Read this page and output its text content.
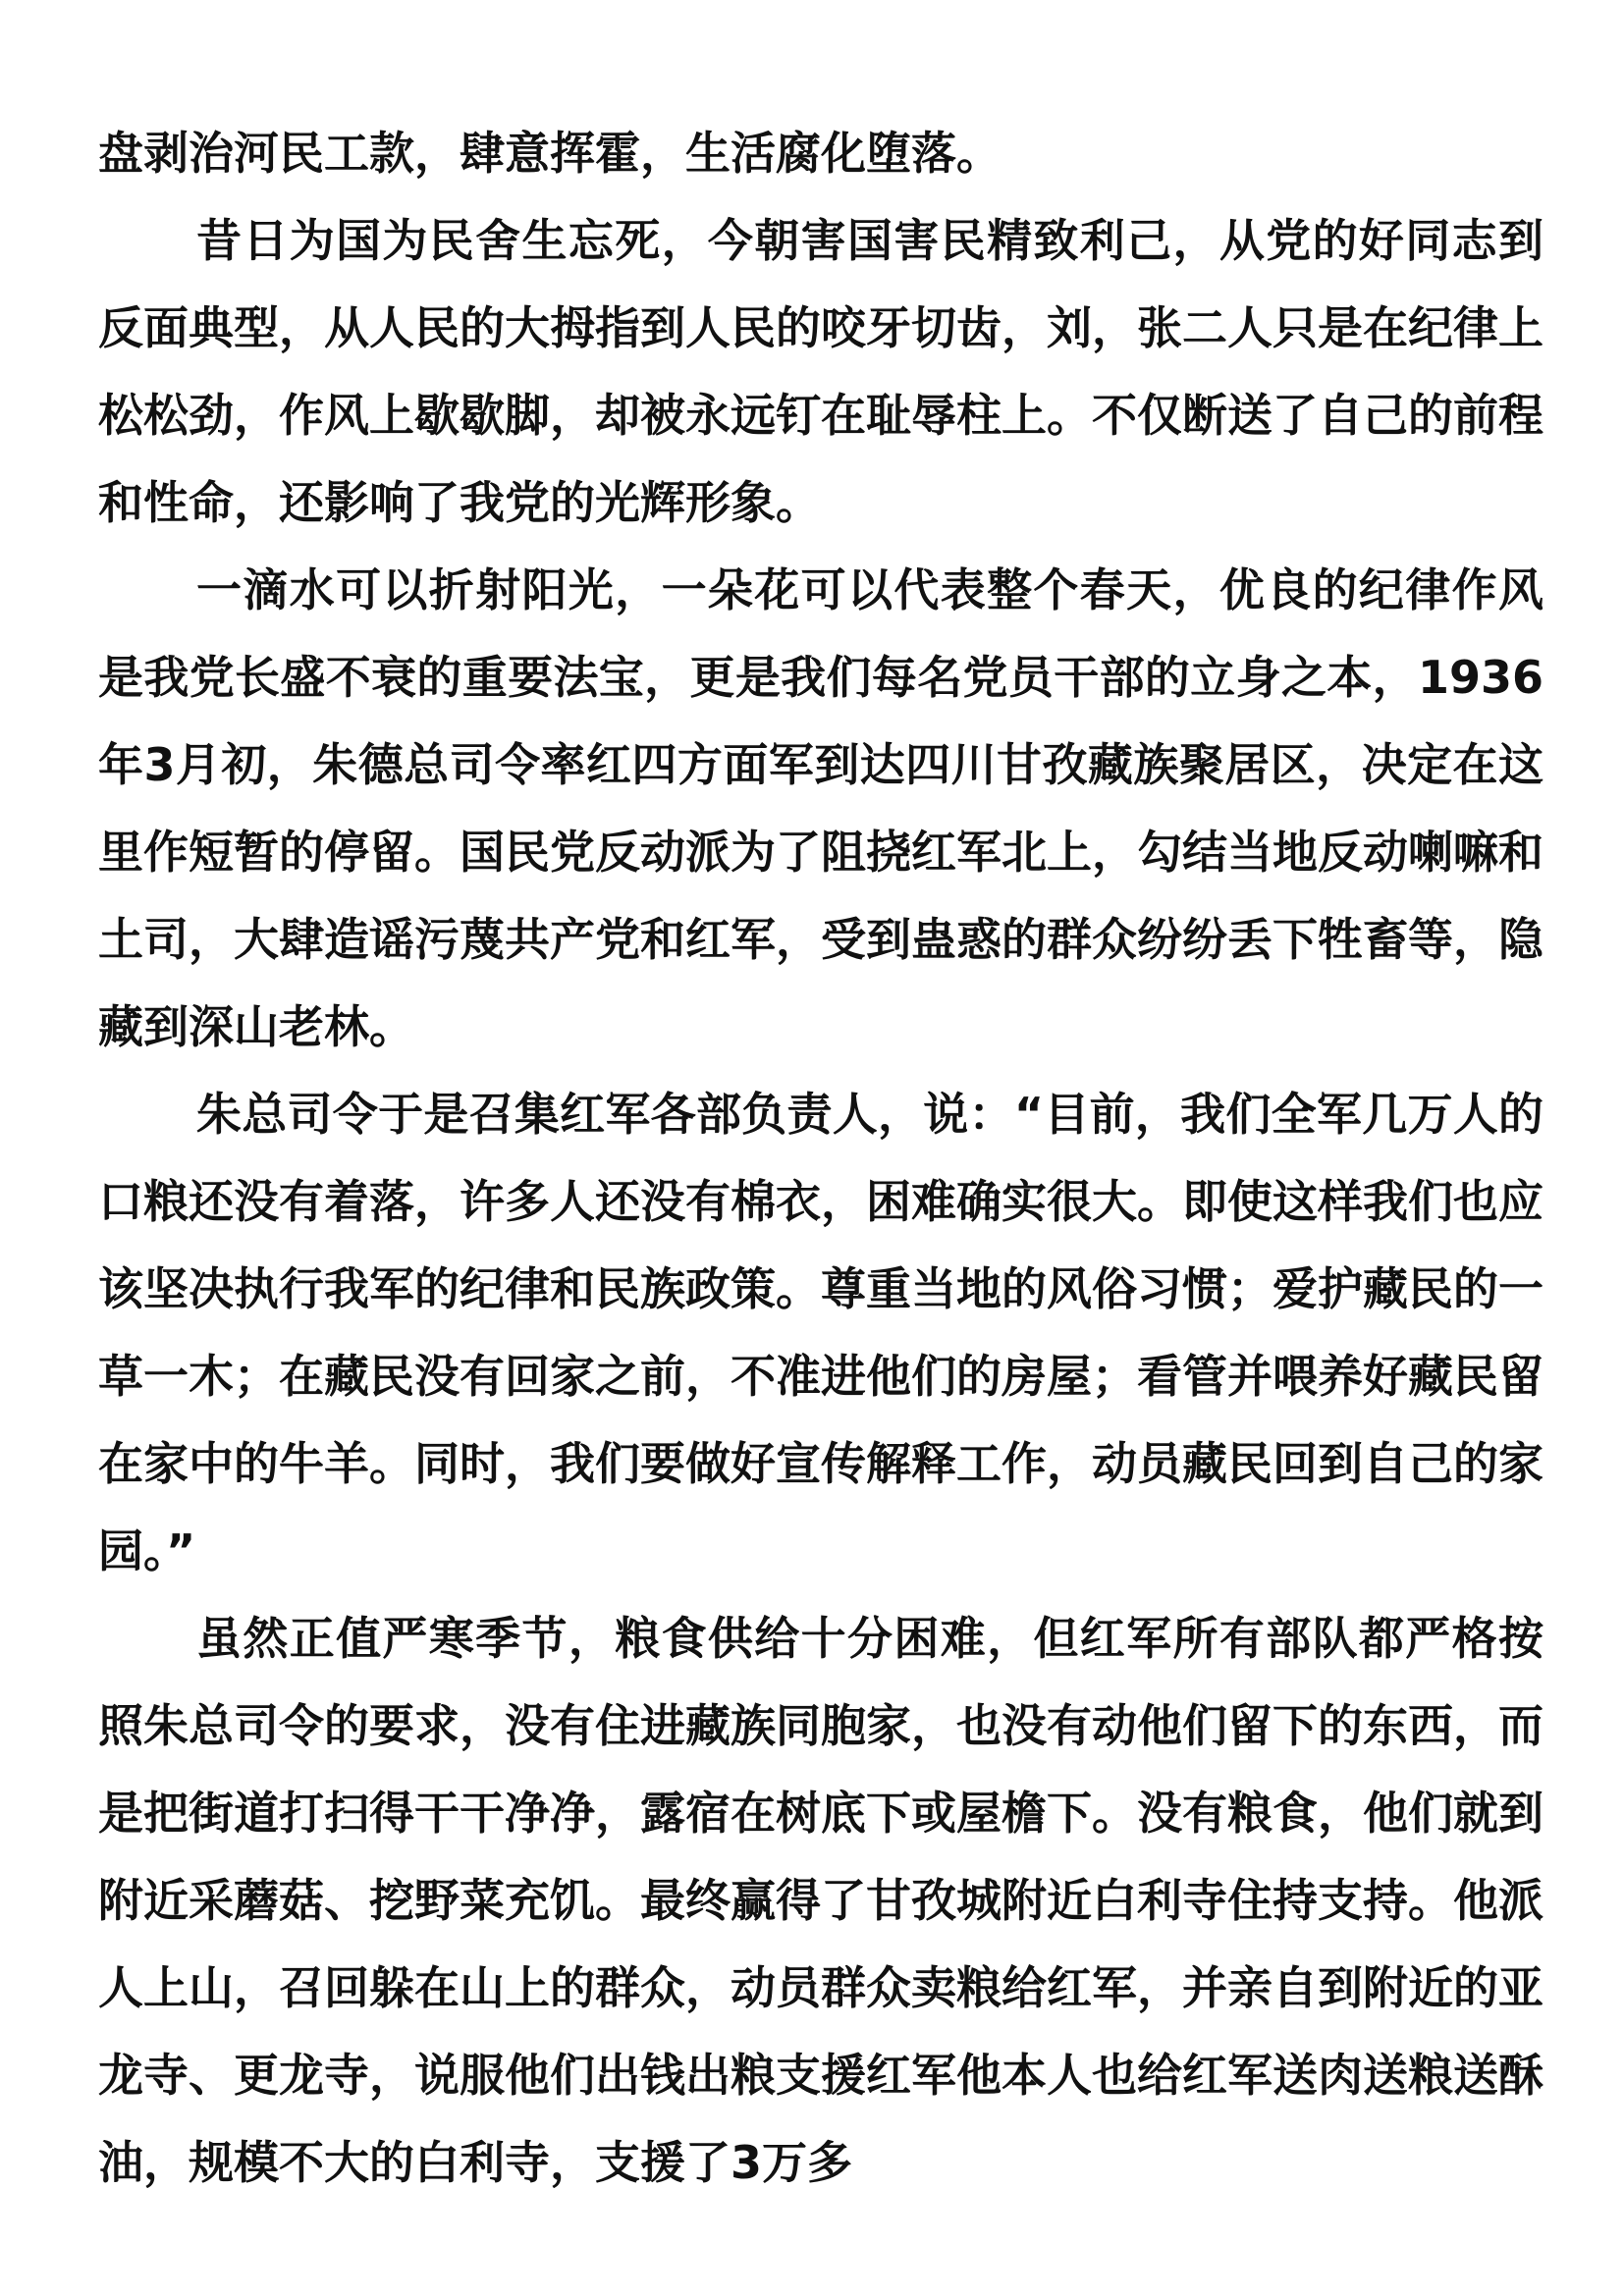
盘剥治河民工款，肆意挥霍，生活腐化堕落。

昔日为国为民舍生忘死，今朝害国害民精致利己，从党的好同志到反面典型，从人民的大拇指到人民的咬牙切齿，刘，张二人只是在纪律上松松劲，作风上歇歇脚，却被永远钉在耻辱柱上。不仅断送了自己的前程和性命，还影响了我党的光辉形象。

一滴水可以折射阳光，一朵花可以代表整个春天，优良的纪律作风是我党长盛不衰的重要法宝，更是我们每名党员干部的立身之本，1936年3月初，朱德总司令率红四方面军到达四川甘孜藏族聚居区，决定在这里作短暂的停留。国民党反动派为了阻挠红军北上，勾结当地反动喇嘛和土司，大肆造谣污蔑共产党和红军，受到蛊惑的群众纷纷丢下牲畜等，隐藏到深山老林。

朱总司令于是召集红军各部负责人，说：“目前，我们全军几万人的口粮还没有着落，许多人还没有棉衣，困难确实很大。即使这样我们也应该坚决执行我军的纪律和民族政策。尊重当地的风俗习惯；爱护藏民的一草一木；在藏民没有回家之前，不准进他们的房屋；看管并喂养好藏民留在家中的牛羊。同时，我们要做好宣传解释工作，动员藏民回到自己的家园。”

虽然正值严寒季节，粮食供给十分困难，但红军所有部队都严格按照朱总司令的要求，没有住进藏族同胞家，也没有动他们留下的东西，而是把街道打扫得干干净净，露宿在树底下或屋檐下。没有粮食，他们就到附近采蘑菇、挖野菜充饥。最终赢得了甘孜城附近白利寺住持支持。他派人上山，召回躲在山上的群众，动员群众卖粮给红军，并亲自到附近的亚龙寺、更龙寺，说服他们出钱出粮支援红军他本人也给红军送肉送粮送酥油，规模不大的白利寺，支援了3万多
